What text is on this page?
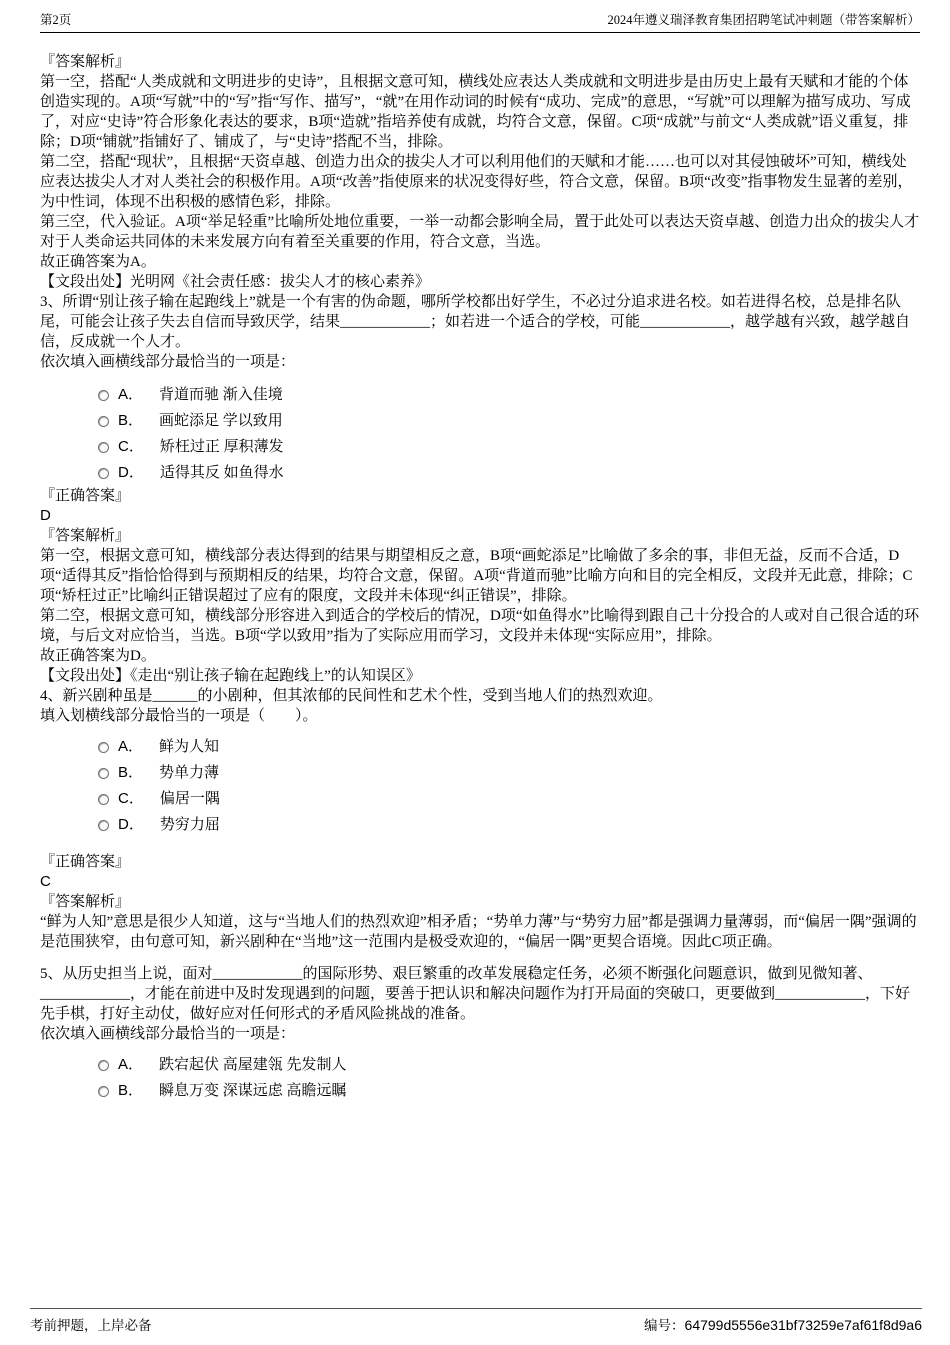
第2页	2024年遵义瑞泽教育集团招聘笔试冲刺题（带答案解析）

『答案解析』

第一空，搭配“人类成就和文明进步的史诗”，且根据文意可知，横线处应表达人类成就和文明进步是由历史上最有天赋和才能的个体创造实现的。A项“写就”中的“写”指“写作、描写”，“就”在用作动词的时候有“成功、完成”的意思，“写就”可以理解为描写成功、写成了，对应“史诗”符合形象化表达的要求，B项“造就”指培养使有成就，均符合文意，保留。C项“成就”与前文“人类成就”语义重复，排除；D项“铺就”指铺好了、铺成了，与“史诗”搭配不当，排除。

第二空，搭配“现状”，且根据“天资卓越、创造力出众的拔尖人才可以利用他们的天赋和才能……也可以对其侵蚀破坏”可知，横线处应表达拔尖人才对人类社会的积极作用。A项“改善”指使原来的状况变得好些，符合文意，保留。B项“改变”指事物发生显著的差别，为中性词，体现不出积极的感情色彩，排除。

第三空，代入验证。A项“举足轻重”比喻所处地位重要，一举一动都会影响全局，置于此处可以表达天资卓越、创造力出众的拔尖人才对于人类命运共同体的未来发展方向有着至关重要的作用，符合文意，当选。

故正确答案为A。

【文段出处】光明网《社会责任感：拔尖人才的核心素养》

3、所谓“别让孩子输在起跑线上”就是一个有害的伪命题，哪所学校都出好学生，不必过分追求进名校。如若进得名校，总是排名队尾，可能会让孩子失去自信而导致厌学，结果____________；如若进一个适合的学校，可能____________，越学越有兴致，越学越自信，反成就一个人才。

依次填入画横线部分最恰当的一项是：

A． 背道而驰 渐入佳境
B． 画蛇添足 学以致用
C． 矫枉过正 厚积薄发
D． 适得其反 如鱼得水

『正确答案』

D

『答案解析』

第一空，根据文意可知，横线部分表达得到的结果与期望相反之意，B项“画蛇添足”比喻做了多余的事，非但无益，反而不合适，D项“适得其反”指恰恰得到与预期相反的结果，均符合文意，保留。A项“背道而驰”比喻方向和目的完全相反，文段并无此意，排除；C项“矫枉过正”比喻纠正错误超过了应有的限度，文段并未体现“纠正错误”，排除。

第二空，根据文意可知，横线部分形容进入到适合的学校后的情况，D项“如鱼得水”比喻得到跟自己十分投合的人或对自己很合适的环境，与后文对应恰当，当选。B项“学以致用”指为了实际应用而学习，文段并未体现“实际应用”，排除。

故正确答案为D。

【文段出处】《走出“别让孩子输在起跑线上”的认知误区》

4、新兴剧种虽是______的小剧种，但其浓郁的民间性和艺术个性，受到当地人们的热烈欢迎。

填入划横线部分最恰当的一项是（　　）。

A． 鲜为人知
B． 势单力薄
C． 偏居一隅
D． 势穷力屈

『正确答案』

C

『答案解析』

“鲜为人知”意思是很少人知道，这与“当地人们的热烈欢迎”相矛盾；“势单力薄”与“势穷力屈”都是强调力量薄弱，而“偏居一隅”强调的是范围狭窄，由句意可知，新兴剧种在“当地”这一范围内是极受欢迎的，“偏居一隅”更契合语境。因此C项正确。

5、从历史担当上说，面对____________的国际形势、艰巨繁重的改革发展稳定任务，必须不断强化问题意识，做到见微知著、____________，才能在前进中及时发现遇到的问题，要善于把认识和解决问题作为打开局面的突破口，更要做到____________，下好先手棋，打好主动仗，做好应对任何形式的矛盾风险挑战的准备。

依次填入画横线部分最恰当的一项是：

A． 跌宕起伏 高屋建瓴 先发制人
B． 瞬息万变 深谋远虑 高瞻远瞩
考前押题，上岸必备	编号：64799d5556e31bf73259e7af61f8d9a6
